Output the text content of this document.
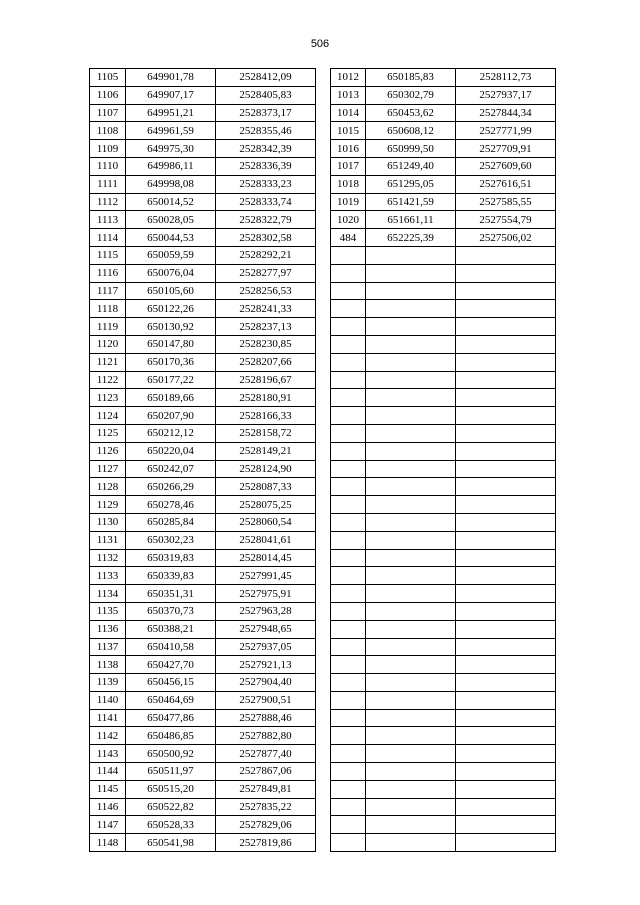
506
1105	649901,78	2528412,09
1106	649907,17	2528405,83
1107	649951,21	2528373,17
1108	649961,59	2528355,46
1109	649975,30	2528342,39
1110	649986,11	2528336,39
1111	649998,08	2528333,23
1112	650014,52	2528333,74
1113	650028,05	2528322,79
1114	650044,53	2528302,58
1115	650059,59	2528292,21
1116	650076,04	2528277,97
1117	650105,60	2528256,53
1118	650122,26	2528241,33
1119	650130,92	2528237,13
1120	650147,80	2528230,85
1121	650170,36	2528207,66
1122	650177,22	2528196,67
1123	650189,66	2528180,91
1124	650207,90	2528166,33
1125	650212,12	2528158,72
1126	650220,04	2528149,21
1127	650242,07	2528124,90
1128	650266,29	2528087,33
1129	650278,46	2528075,25
1130	650285,84	2528060,54
1131	650302,23	2528041,61
1132	650319,83	2528014,45
1133	650339,83	2527991,45
1134	650351,31	2527975,91
1135	650370,73	2527963,28
1136	650388,21	2527948,65
1137	650410,58	2527937,05
1138	650427,70	2527921,13
1139	650456,15	2527904,40
1140	650464,69	2527900,51
1141	650477,86	2527888,46
1142	650486,85	2527882,80
1143	650500,92	2527877,40
1144	650511,97	2527867,06
1145	650515,20	2527849,81
1146	650522,82	2527835,22
1147	650528,33	2527829,06
1148	650541,98	2527819,86
1012	650185,83	2528112,73
1013	650302,79	2527937,17
1014	650453,62	2527844,34
1015	650608,12	2527771,99
1016	650999,50	2527709,91
1017	651249,40	2527609,60
1018	651295,05	2527616,51
1019	651421,59	2527585,55
1020	651661,11	2527554,79
484	652225,39	2527506,02
